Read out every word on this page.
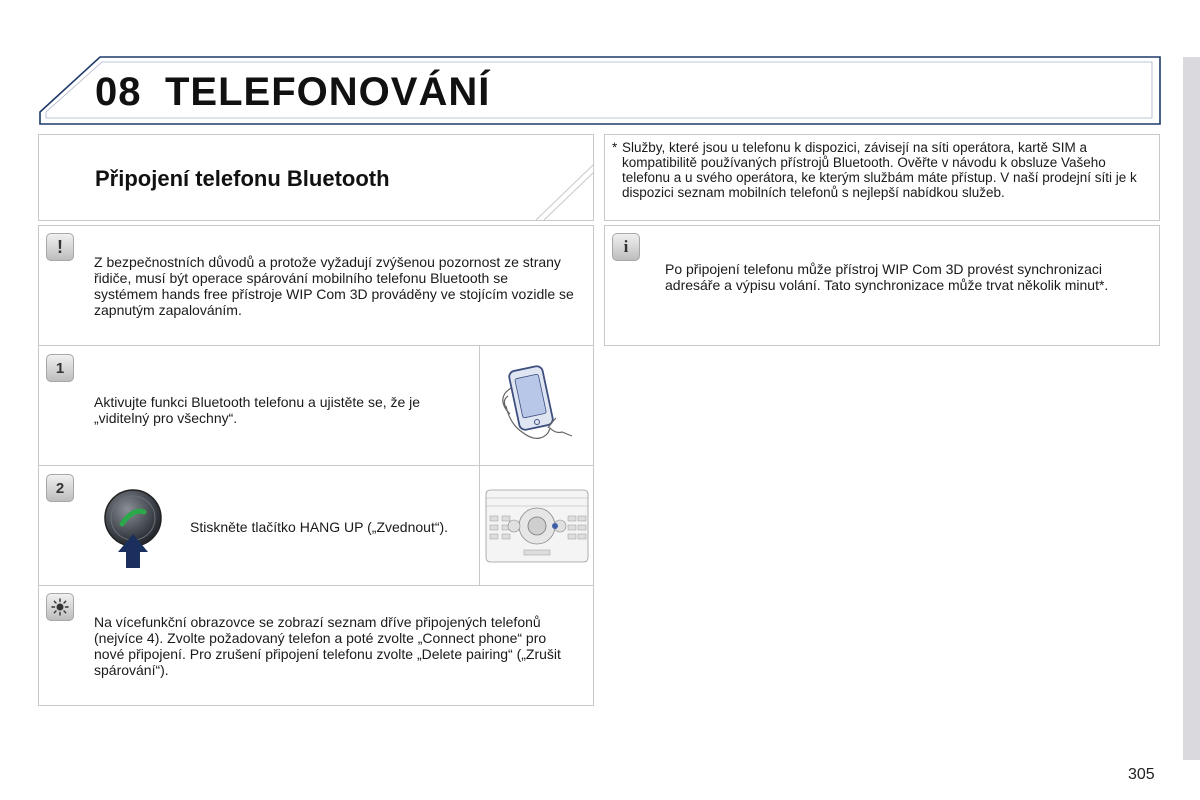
08 TELEFONOVÁNÍ
Připojení telefonu Bluetooth
* Služby, které jsou u telefonu k dispozici, závisejí na síti operátora, kartě SIM a kompatibilitě používaných přístrojů Bluetooth. Ověřte v návodu k obsluze Vašeho telefonu a u svého operátora, ke kterým službám máte přístup. V naší prodejní síti je k dispozici seznam mobilních telefonů s nejlepší nabídkou služeb.
!
Z bezpečnostních důvodů a protože vyžadují zvýšenou pozornost ze strany řidiče, musí být operace spárování mobilního telefonu Bluetooth se systémem hands free přístroje WIP Com 3D prováděny ve stojícím vozidle se zapnutým zapalováním.
1
Aktivujte funkci Bluetooth telefonu a ujistěte se, že je „viditelný pro všechny“.
2
Stiskněte tlačítko HANG UP („Zvednout“).
Na vícefunkční obrazovce se zobrazí seznam dříve připojených telefonů (nejvíce 4). Zvolte požadovaný telefon a poté zvolte „Connect phone“ pro nové připojení. Pro zrušení připojení telefonu zvolte „Delete pairing“ („Zrušit spárování“).
i
Po připojení telefonu může přístroj WIP Com 3D provést synchronizaci adresáře a výpisu volání. Tato synchronizace může trvat několik minut*.
305
